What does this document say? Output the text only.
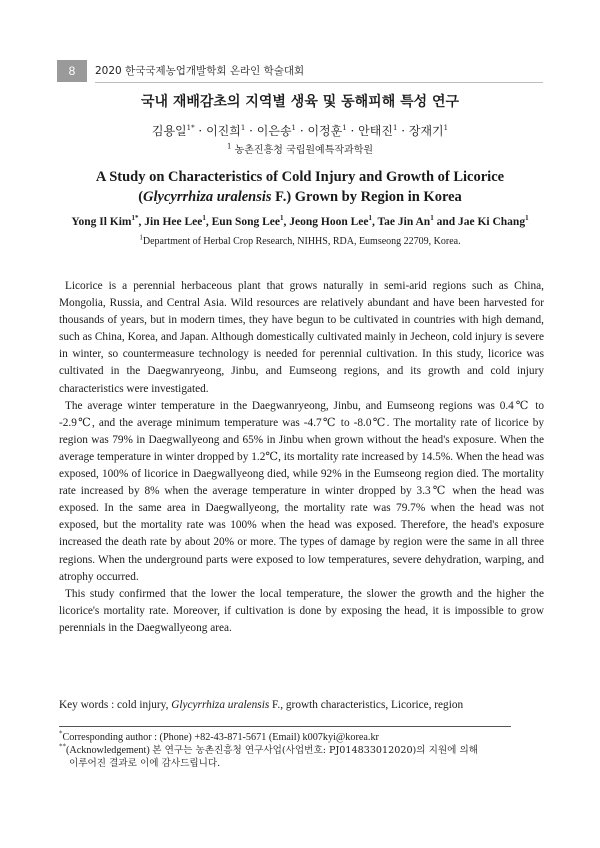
8	2020 한국국제농업개발학회 온라인 학술대회
국내 재배감초의 지역별 생육 및 동해피해 특성 연구
김용일$^{1*}$ · 이진희$^1$ · 이은송$^1$ · 이정훈$^1$ · 안태진$^1$ · 장재기$^1$
$^1$ 농촌진흥청 국립원예특작과학원
A Study on Characteristics of Cold Injury and Growth of Licorice
(Glycyrrhiza uralensis F.) Grown by Region in Korea
Yong Il Kim$^{1*}$, Jin Hee Lee$^1$, Eun Song Lee$^1$, Jeong Hoon Lee$^1$, Tae Jin An$^1$ and Jae Ki Chang$^1$
$^1$Department of Herbal Crop Research, NIHHS, RDA, Eumseong 22709, Korea.

Licorice is a perennial herbaceous plant that grows naturally in semi-arid regions such as China, Mongolia, Russia, and Central Asia. Wild resources are relatively abundant and have been harvested for thousands of years, but in modern times, they have begun to be cultivated in countries with high demand, such as China, Korea, and Japan. Although domestically cultivated mainly in Jecheon, cold injury is severe in winter, so countermeasure technology is needed for perennial cultivation. In this study, licorice was cultivated in the Daegwanryeong, Jinbu, and Eumseong regions, and its growth and cold injury characteristics were investigated.

The average winter temperature in the Daegwanryeong, Jinbu, and Eumseong regions was 0.4℃ to -2.9℃, and the average minimum temperature was -4.7℃ to -8.0℃. The mortality rate of licorice by region was 79% in Daegwallyeong and 65% in Jinbu when grown without the head's exposure. When the average temperature in winter dropped by 1.2℃, its mortality rate increased by 14.5%. When the head was exposed, 100% of licorice in Daegwallyeong died, while 92% in the Eumseong region died. The mortality rate increased by 8% when the average temperature in winter dropped by 3.3℃ when the head was exposed. In the same area in Daegwallyeong, the mortality rate was 79.7% when the head was not exposed, but the mortality rate was 100% when the head was exposed. Therefore, the head's exposure increased the death rate by about 20% or more. The types of damage by region were the same in all three regions. When the underground parts were exposed to low temperatures, severe dehydration, warping, and atrophy occurred.

This study confirmed that the lower the local temperature, the slower the growth and the higher the licorice's mortality rate. Moreover, if cultivation is done by exposing the head, it is impossible to grow perennials in the Daegwallyeong area.

Key words : cold injury, Glycyrrhiza uralensis F., growth characteristics, Licorice, region
*Corresponding author : (Phone) +82-43-871-5671 (Email) k007kyi@korea.kr
**(Acknowledgement) 본 연구는 농촌진흥청 연구사업(사업번호: PJ014833012020)의 지원에 의해
이루어진 결과로 이에 감사드립니다.
